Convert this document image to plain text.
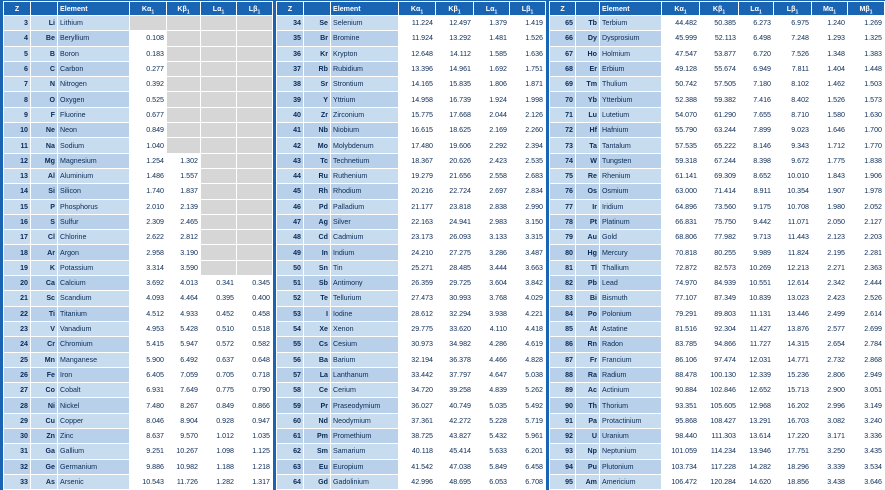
Z		Element	$K\alpha_1$	$K\beta_1$	$L\alpha_1$	$L\beta_1$
3	Li	Lithium				
4	Be	Beryllium	0.108			
5	B	Boron	0.183			
6	C	Carbon	0.277			
7	N	Nitrogen	0.392			
8	O	Oxygen	0.525			
9	F	Fluorine	0.677			
10	Ne	Neon	0.849			
11	Na	Sodium	1.040			
12	Mg	Magnesium	1.254	1.302		
13	Al	Aluminium	1.486	1.557		
14	Si	Silicon	1.740	1.837		
15	P	Phosphorus	2.010	2.139		
16	S	Sulfur	2.309	2.465		
17	Cl	Chlorine	2.622	2.812		
18	Ar	Argon	2.958	3.190		
19	K	Potassium	3.314	3.590		
20	Ca	Calcium	3.692	4.013	0.341	0.345
21	Sc	Scandium	4.093	4.464	0.395	0.400
22	Ti	Titanium	4.512	4.933	0.452	0.458
23	V	Vanadium	4.953	5.428	0.510	0.518
24	Cr	Chromium	5.415	5.947	0.572	0.582
25	Mn	Manganese	5.900	6.492	0.637	0.648
26	Fe	Iron	6.405	7.059	0.705	0.718
27	Co	Cobalt	6.931	7.649	0.775	0.790
28	Ni	Nickel	7.480	8.267	0.849	0.866
29	Cu	Copper	8.046	8.904	0.928	0.947
30	Zn	Zinc	8.637	9.570	1.012	1.035
31	Ga	Gallium	9.251	10.267	1.098	1.125
32	Ge	Germanium	9.886	10.982	1.188	1.218
33	As	Arsenic	10.543	11.726	1.282	1.317
Z		Element	$K\alpha_1$	$K\beta_1$	$L\alpha_1$	$L\beta_1$
34	Se	Selenium	11.224	12.497	1.379	1.419
35	Br	Bromine	11.924	13.292	1.481	1.526
36	Kr	Krypton	12.648	14.112	1.585	1.636
37	Rb	Rubidium	13.396	14.961	1.692	1.751
38	Sr	Strontium	14.165	15.835	1.806	1.871
39	Y	Yttrium	14.958	16.739	1.924	1.998
40	Zr	Zirconium	15.775	17.668	2.044	2.126
41	Nb	Niobium	16.615	18.625	2.169	2.260
42	Mo	Molybdenum	17.480	19.606	2.292	2.394
43	Tc	Technetium	18.367	20.626	2.423	2.535
44	Ru	Ruthenium	19.279	21.656	2.558	2.683
45	Rh	Rhodium	20.216	22.724	2.697	2.834
46	Pd	Palladium	21.177	23.818	2.838	2.990
47	Ag	Silver	22.163	24.941	2.983	3.150
48	Cd	Cadmium	23.173	26.093	3.133	3.315
49	In	Indium	24.210	27.275	3.286	3.487
50	Sn	Tin	25.271	28.485	3.444	3.663
51	Sb	Antimony	26.359	29.725	3.604	3.842
52	Te	Tellurium	27.473	30.993	3.768	4.029
53	I	Iodine	28.612	32.294	3.938	4.221
54	Xe	Xenon	29.775	33.620	4.110	4.418
55	Cs	Cesium	30.973	34.982	4.286	4.619
56	Ba	Barium	32.194	36.378	4.466	4.828
57	La	Lanthanum	33.442	37.797	4.647	5.038
58	Ce	Cerium	34.720	39.258	4.839	5.262
59	Pr	Praseodymium	36.027	40.749	5.035	5.492
60	Nd	Neodymium	37.361	42.272	5.228	5.719
61	Pm	Promethium	38.725	43.827	5.432	5.961
62	Sm	Samarium	40.118	45.414	5.633	6.201
63	Eu	Europium	41.542	47.038	5.849	6.458
64	Gd	Gadolinium	42.996	48.695	6.053	6.708
Z		Element	$K\alpha_1$	$K\beta_1$	$L\alpha_1$	$L\beta_1$	$M\alpha_1$	$M\beta_1$
65	Tb	Terbium	44.482	50.385	6.273	6.975	1.240	1.269
66	Dy	Dysprosium	45.999	52.113	6.498	7.248	1.293	1.325
67	Ho	Holmium	47.547	53.877	6.720	7.526	1.348	1.383
68	Er	Erbium	49.128	55.674	6.949	7.811	1.404	1.448
69	Tm	Thulium	50.742	57.505	7.180	8.102	1.462	1.503
70	Yb	Ytterbium	52.388	59.382	7.416	8.402	1.526	1.573
71	Lu	Lutetium	54.070	61.290	7.655	8.710	1.580	1.630
72	Hf	Hafnium	55.790	63.244	7.899	9.023	1.646	1.700
73	Ta	Tantalum	57.535	65.222	8.146	9.343	1.712	1.770
74	W	Tungsten	59.318	67.244	8.398	9.672	1.775	1.838
75	Re	Rhenium	61.141	69.309	8.652	10.010	1.843	1.906
76	Os	Osmium	63.000	71.414	8.911	10.354	1.907	1.978
77	Ir	Iridium	64.896	73.560	9.175	10.708	1.980	2.052
78	Pt	Platinum	66.831	75.750	9.442	11.071	2.050	2.127
79	Au	Gold	68.806	77.982	9.713	11.443	2.123	2.203
80	Hg	Mercury	70.818	80.255	9.989	11.824	2.195	2.281
81	Tl	Thallium	72.872	82.573	10.269	12.213	2.271	2.363
82	Pb	Lead	74.970	84.939	10.551	12.614	2.342	2.444
83	Bi	Bismuth	77.107	87.349	10.839	13.023	2.423	2.526
84	Po	Polonium	79.291	89.803	11.131	13.446	2.499	2.614
85	At	Astatine	81.516	92.304	11.427	13.876	2.577	2.699
86	Rn	Radon	83.785	94.866	11.727	14.315	2.654	2.784
87	Fr	Francium	86.106	97.474	12.031	14.771	2.732	2.868
88	Ra	Radium	88.478	100.130	12.339	15.236	2.806	2.949
89	Ac	Actinium	90.884	102.846	12.652	15.713	2.900	3.051
90	Th	Thorium	93.351	105.605	12.968	16.202	2.996	3.149
91	Pa	Protactinium	95.868	108.427	13.291	16.703	3.082	3.240
92	U	Uranium	98.440	111.303	13.614	17.220	3.171	3.336
93	Np	Neptunium	101.059	114.234	13.946	17.751	3.250	3.435
94	Pu	Plutonium	103.734	117.228	14.282	18.296	3.339	3.534
95	Am	Americium	106.472	120.284	14.620	18.856	3.438	3.646
